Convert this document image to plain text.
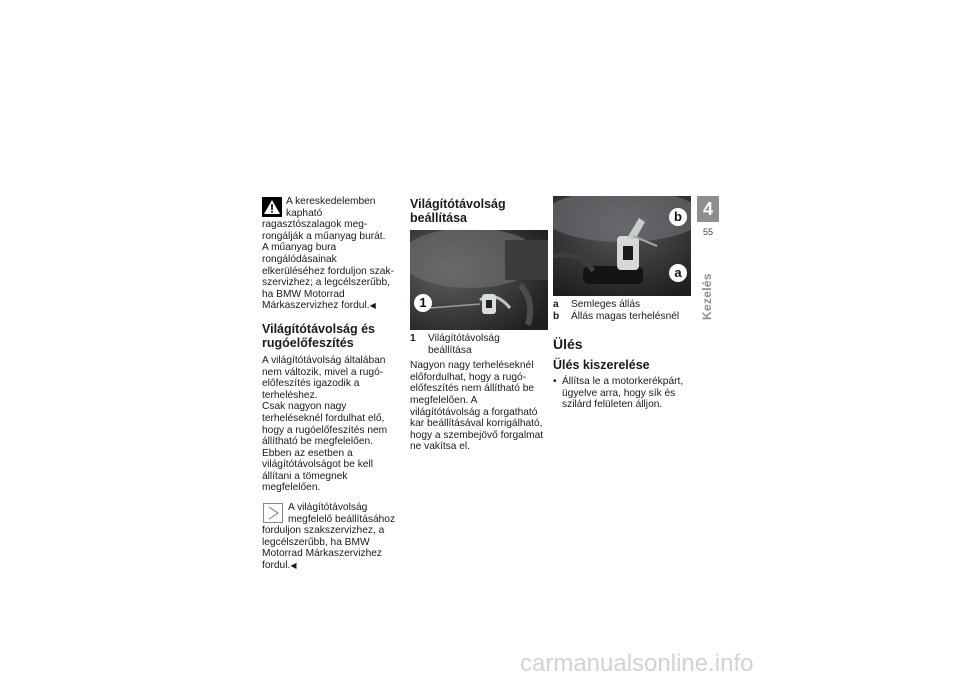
A kereskedelemben kapható ragasztószalagok megrongálják a műanyag burát.

A műanyag bura rongálódásainak elkerüléséhez forduljon szakszervizhez; a legcélszerűbb, ha BMW Motorrad Márkaszervizhez fordul.◀

Világítótávolság és rugóelőfeszítés

A világítótávolság általában nem változik, mivel a rugó-előfeszítés igazodik a terheléshez.

Csak nagyon nagy terheléseknél fordulhat elő, hogy a rugóelőfeszítés nem állítható be megfelelően. Ebben az esetben a világítótávolságot be kell állítani a tömegnek megfelelően.

A világítótávolság megfelelő beállításához forduljon szakszervizhez, a legcélszerűbb, ha BMW Motorrad Márkaszervizhez fordul.◀

Világítótávolság beállítása
1
1	Világítótávolság beállítása

Nagyon nagy terheléseknél előfordulhat, hogy a rugó-előfeszítés nem állítható be megfelelően. A világítótávolság a forgatható kar beállításával korrigálható, hogy a szembejövő forgalmat ne vakítsa el.

b
a
a	Semleges állás
b	Állás magas terhelésnél
Ülés
Ülés kiszerelése
• Állítsa le a motorkerékpárt, ügyelve arra, hogy sík és szilárd felületen álljon.
4
55
Kezelés
carmanualsonline.info
